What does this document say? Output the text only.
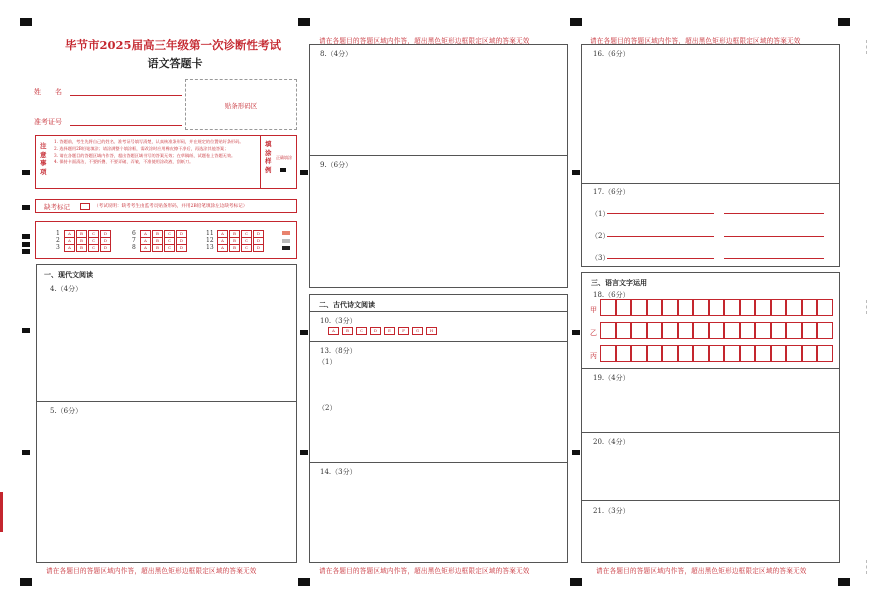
毕节市2025届高三年级第一次诊断性考试
语文答题卡
姓　　名
准考证号
贴条形码区
注意事项
1. 答题前，考生先将自己的姓名、准考证号填写清楚，认真核准条形码，并在规定的位置贴好条形码。
2. 选择题用2B铅笔填涂；请涂满整个填涂框，需改涂时应用橡皮擦干净后，再选涂其他答案；
3. 请在各题目的答题区域内作答，超出答题区域书写的答案无效；在草稿纸、试题卷上答题无效。
4. 保持卡面清洁，不要折叠、不要弄破、弄皱，不准使用涂改液、刮纸刀。
填涂样例
正确填涂
缺考标记	（考试说明：缺考考生由监考员贴条形码，并用2B铅笔填涂左边缺考标记）
1	A	B	C	D
2	A	B	C	D
3	A	B	C	D
6	A	B	C	D
7	A	B	C	D
8	A	B	C	D
11	A	B	C	D
12	A	B	C	D
13	A	B	C	D
一、现代文阅读
4.（4分）
5.（6分）
请在各题目的答题区域内作答，超出黑色矩形边框限定区域的答案无效
请在各题目的答题区域内作答，超出黑色矩形边框限定区域的答案无效
8.（4分）
9.（6分）
二、古代诗文阅读
10.（3分）
A	B	C	D	E	F	G	H
13.（8分）
（1）
（2）
14.（3分）
请在各题目的答题区域内作答，超出黑色矩形边框限定区域的答案无效
请在各题目的答题区域内作答，超出黑色矩形边框限定区域的答案无效
16.（6分）
17.（6分）
（1）
（2）
（3）
三、语言文字运用
18.（6分）
甲
乙
丙
19.（4分）
20.（4分）
21.（3分）
请在各题目的答题区域内作答，超出黑色矩形边框限定区域的答案无效
